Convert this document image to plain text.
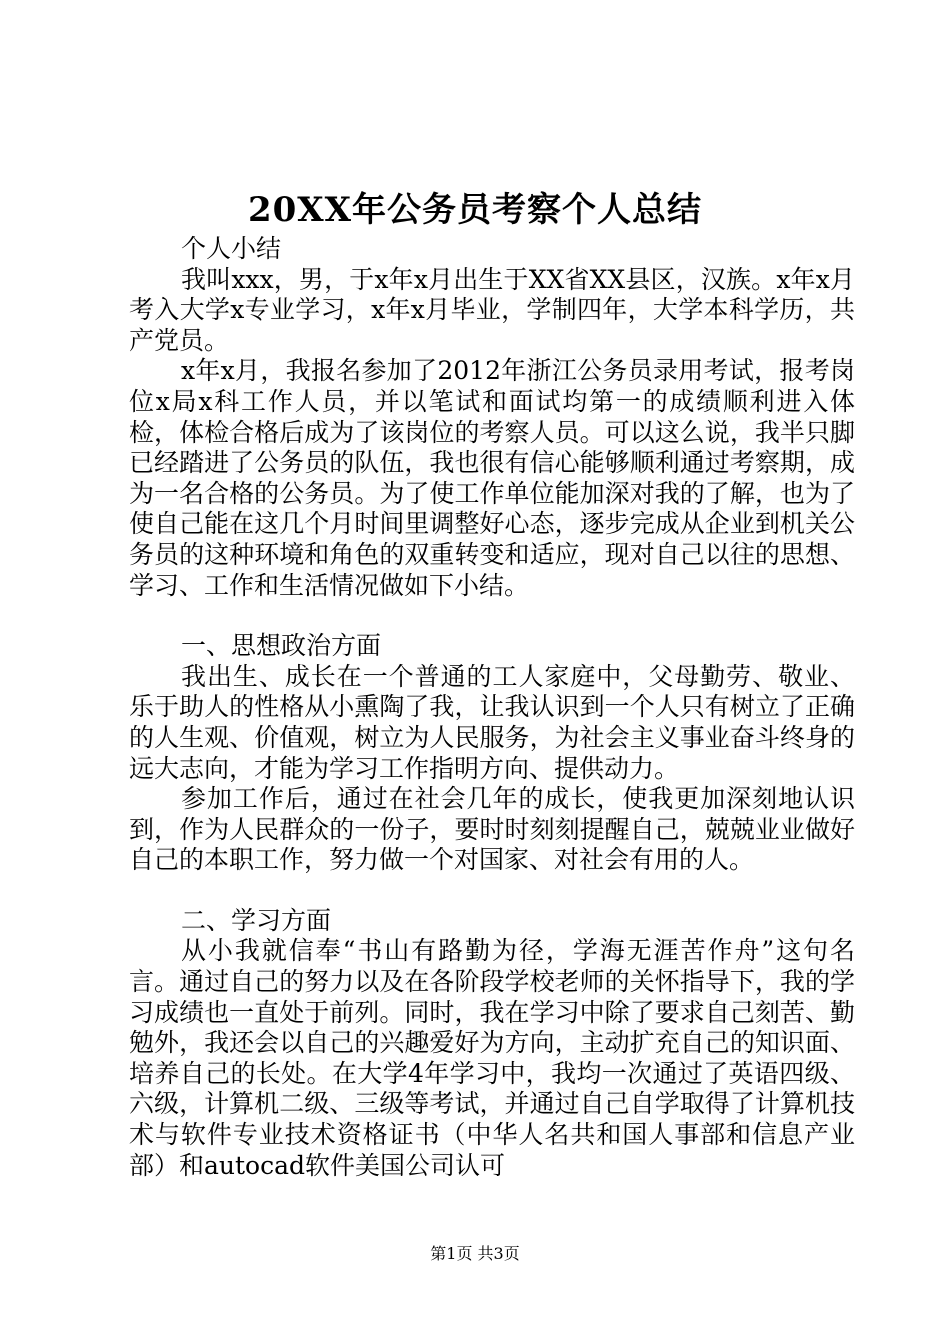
20XX年公务员考察个人总结

个人小结

我叫xxx，男，于x年x月出生于XX省XX县区，汉族。x年x月考入大学x专业学习，x年x月毕业，学制四年，大学本科学历，共产党员。

x年x月，我报名参加了2012年浙江公务员录用考试，报考岗位x局x科工作人员，并以笔试和面试均第一的成绩顺利进入体检，体检合格后成为了该岗位的考察人员。可以这么说，我半只脚已经踏进了公务员的队伍，我也很有信心能够顺利通过考察期，成为一名合格的公务员。为了使工作单位能加深对我的了解，也为了使自己能在这几个月时间里调整好心态，逐步完成从企业到机关公务员的这种环境和角色的双重转变和适应，现对自己以往的思想、学习、工作和生活情况做如下小结。

一、思想政治方面

我出生、成长在一个普通的工人家庭中，父母勤劳、敬业、乐于助人的性格从小熏陶了我，让我认识到一个人只有树立了正确的人生观、价值观，树立为人民服务，为社会主义事业奋斗终身的远大志向，才能为学习工作指明方向、提供动力。

参加工作后，通过在社会几年的成长，使我更加深刻地认识到，作为人民群众的一份子，要时时刻刻提醒自己，兢兢业业做好自己的本职工作，努力做一个对国家、对社会有用的人。

二、学习方面

从小我就信奉“书山有路勤为径，学海无涯苦作舟”这句名言。通过自己的努力以及在各阶段学校老师的关怀指导下，我的学习成绩也一直处于前列。同时，我在学习中除了要求自己刻苦、勤勉外，我还会以自己的兴趣爱好为方向，主动扩充自己的知识面、培养自己的长处。在大学4年学习中，我均一次通过了英语四级、六级，计算机二级、三级等考试，并通过自己自学取得了计算机技术与软件专业技术资格证书（中华人名共和国人事部和信息产业部）和autocad软件美国公司认可

第1页 共3页
